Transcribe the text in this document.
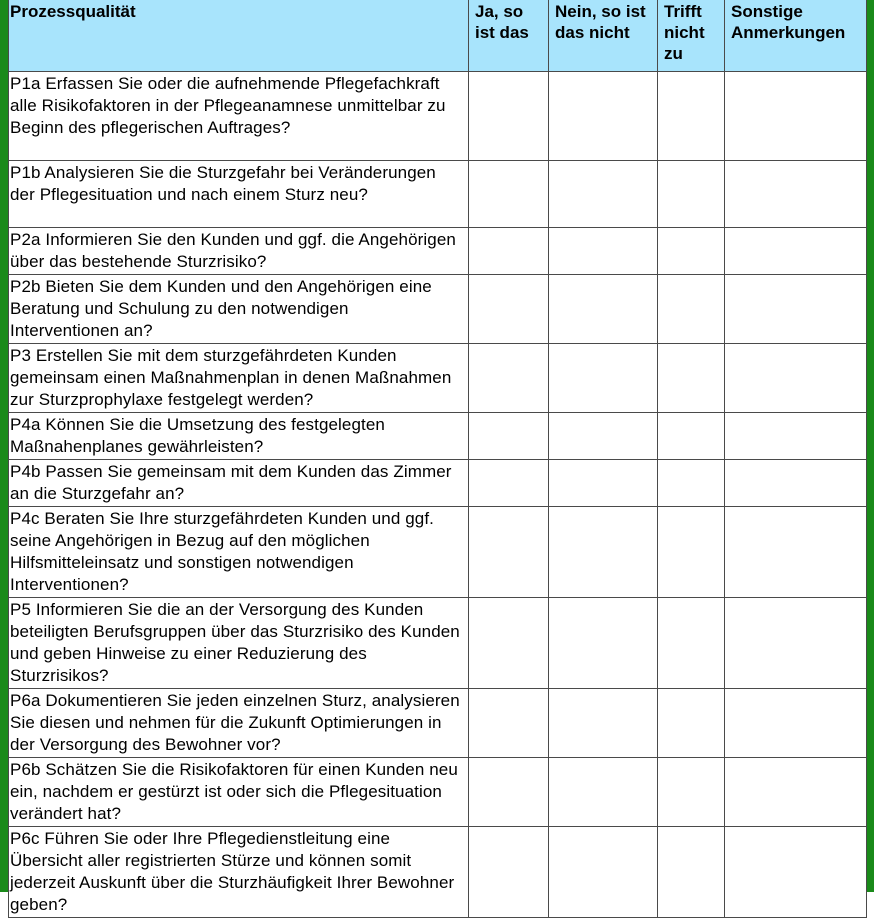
Prozessqualität	Ja, so ist das	Nein, so ist das nicht	Trifft nicht zu	Sonstige Anmerkungen
P1a Erfassen Sie oder die aufnehmende Pflegefachkraft alle Risikofaktoren in der Pflegeanamnese unmittelbar zu Beginn des pflegerischen Auftrages?				
P1b Analysieren Sie die Sturzgefahr bei Veränderungen der Pflegesituation und nach einem Sturz neu?				
P2a Informieren Sie den Kunden und ggf. die Angehörigen über das bestehende Sturzrisiko?				
P2b Bieten Sie dem Kunden und den Angehörigen eine Beratung und Schulung zu den notwendigen Interventionen an?				
P3 Erstellen Sie mit dem sturzgefährdeten Kunden gemeinsam einen Maßnahmenplan in denen Maßnahmen zur Sturzprophylaxe festgelegt werden?				
P4a Können Sie die Umsetzung des festgelegten Maßnahenplanes gewährleisten?				
P4b Passen Sie gemeinsam mit dem Kunden das Zimmer an die Sturzgefahr an?				
P4c Beraten Sie Ihre sturzgefährdeten Kunden und ggf. seine Angehörigen in Bezug auf den möglichen Hilfsmitteleinsatz und sonstigen notwendigen Interventionen?				
P5 Informieren Sie die an der Versorgung des Kunden beteiligten Berufsgruppen über das Sturzrisiko des Kunden und geben Hinweise zu einer Reduzierung des Sturzrisikos?				
P6a Dokumentieren Sie jeden einzelnen Sturz, analysieren Sie diesen und nehmen für die Zukunft Optimierungen in der Versorgung des Bewohner vor?				
P6b Schätzen Sie die Risikofaktoren für einen Kunden neu ein, nachdem er gestürzt ist oder sich die Pflegesituation verändert hat?				
P6c Führen Sie oder Ihre Pflegedienstleitung eine Übersicht aller registrierten Stürze und können somit jederzeit Auskunft über die Sturzhäufigkeit Ihrer Bewohner geben?				
